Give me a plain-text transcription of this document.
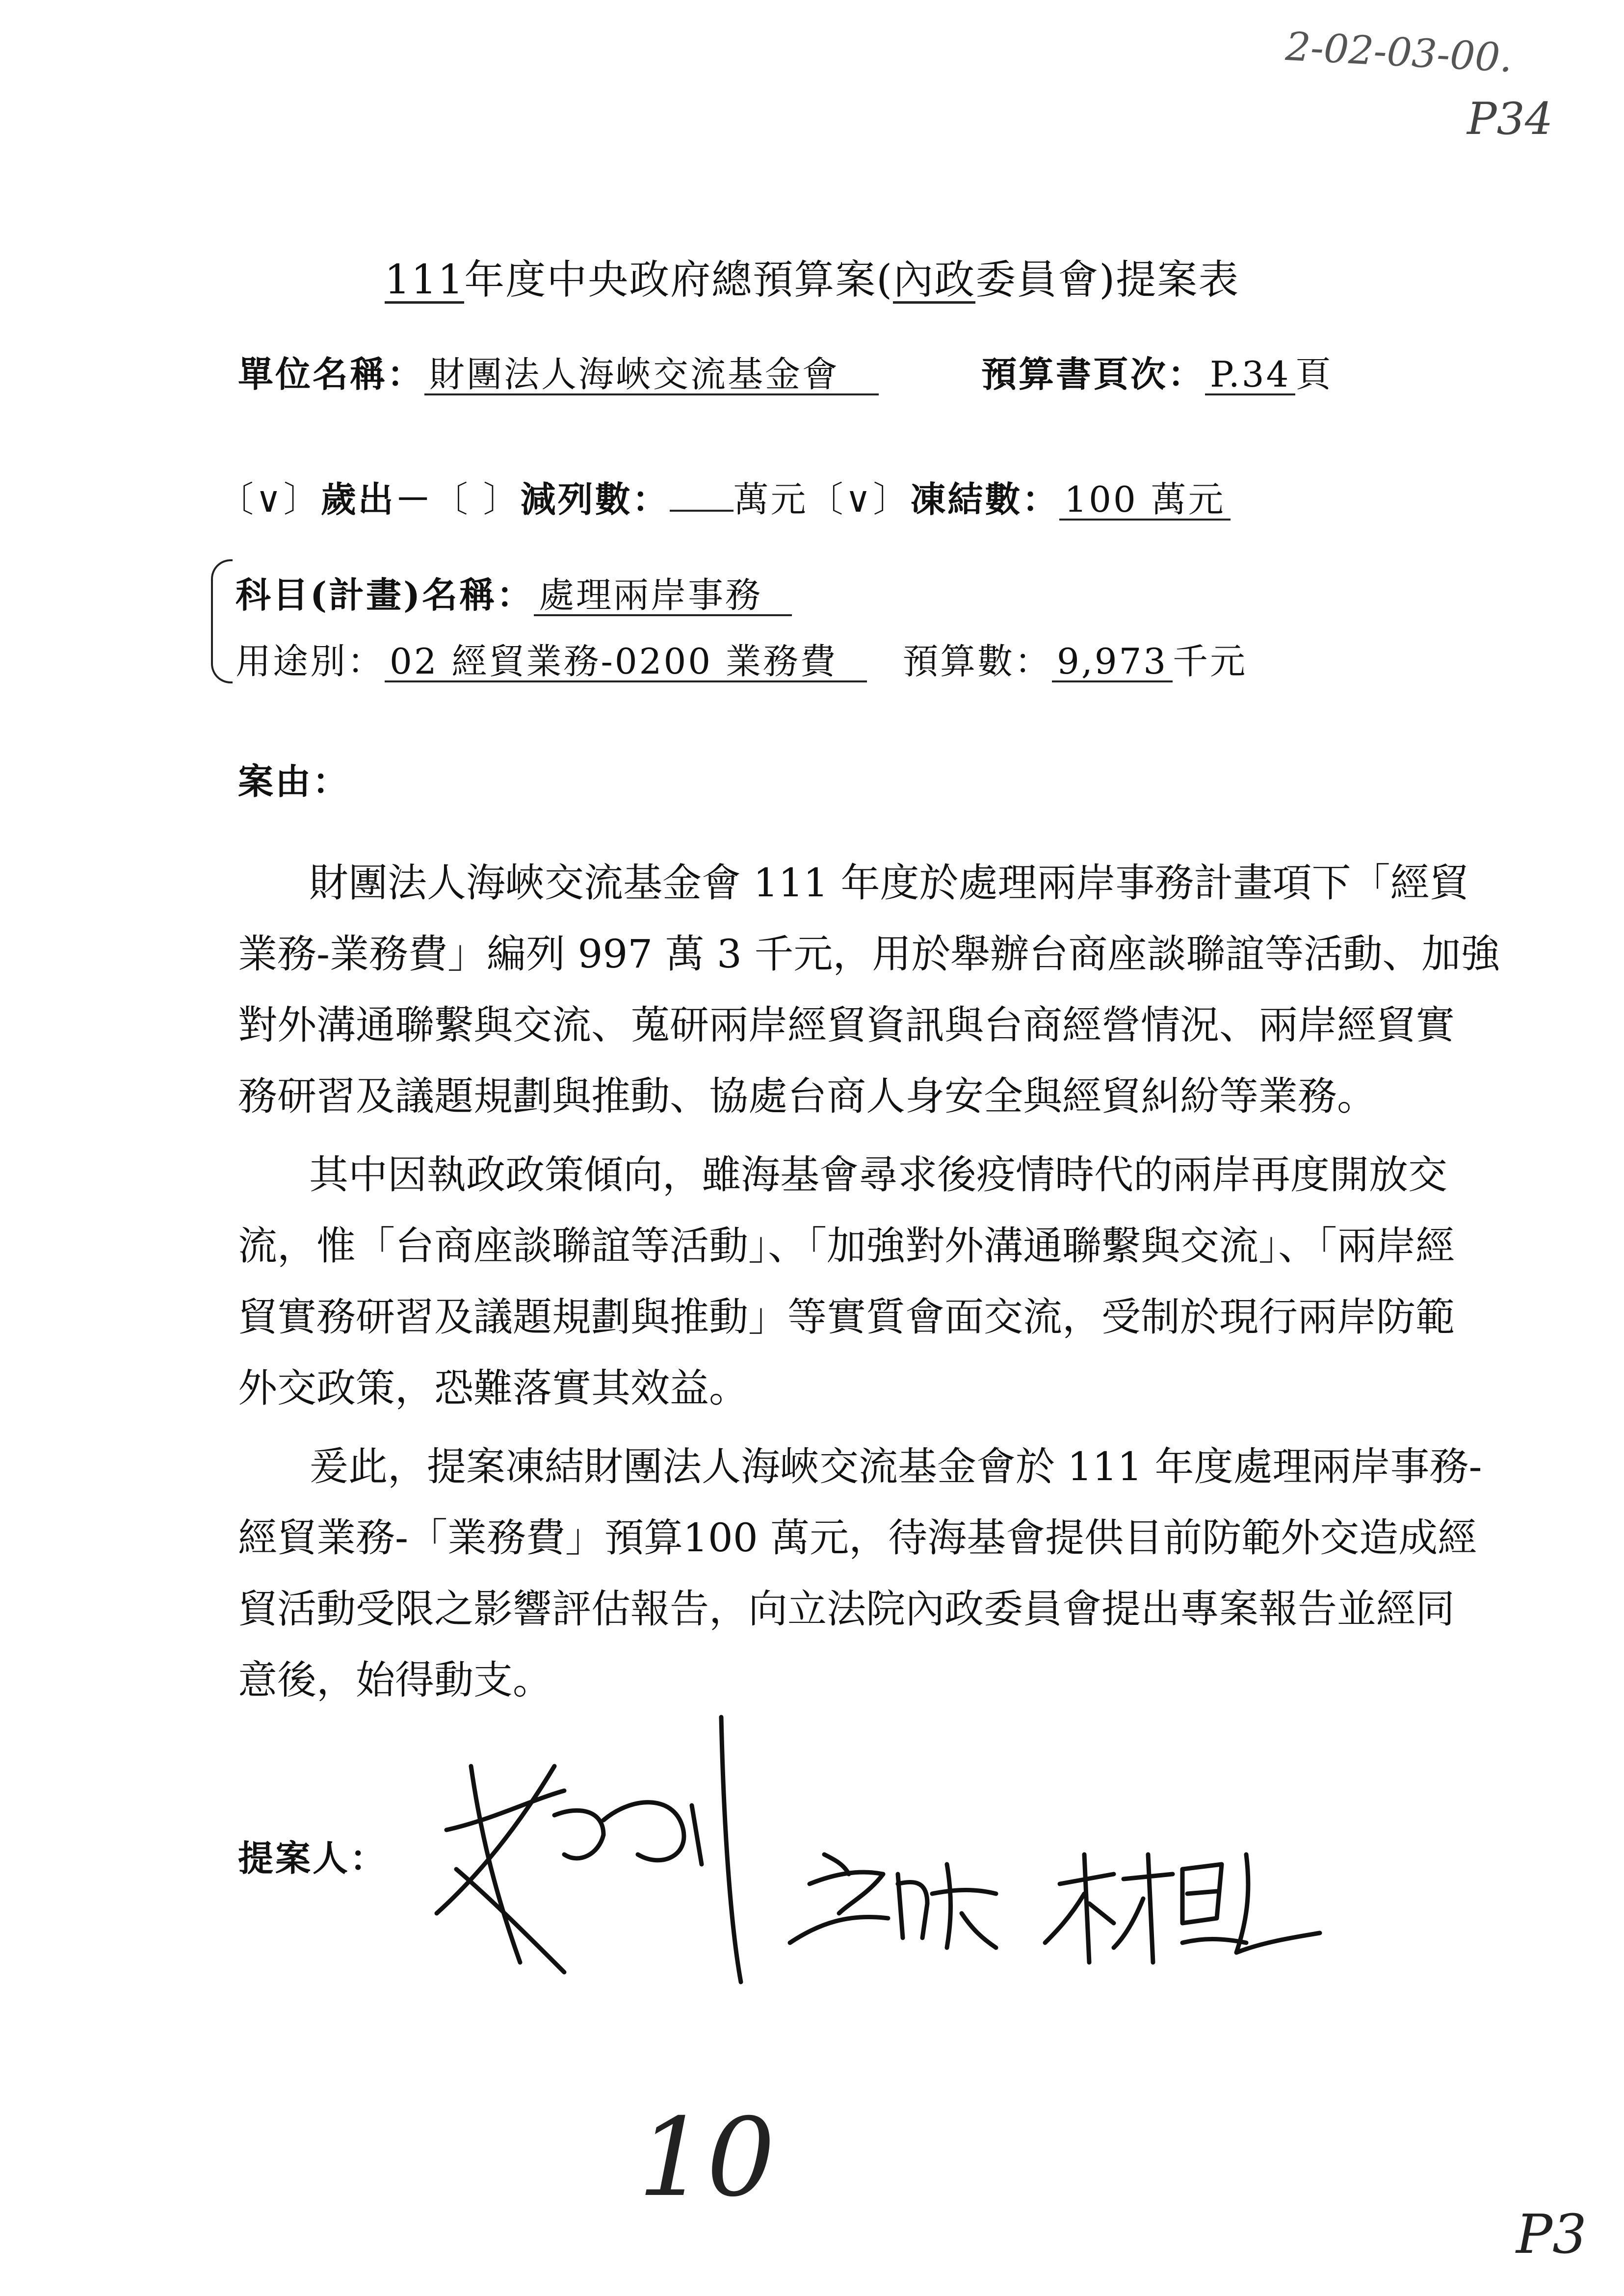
2-02-03-00.
P34
111年度中央政府總預算案(內政委員會)提案表
單位名稱： 財團法人海峽交流基金會	預算書頁次： P.34 頁
〔∨〕歲出－〔 〕減列數： 萬元〔∨〕凍結數： 100 萬元
科目(計畫)名稱： 處理兩岸事務
用途別： 02 經貿業務-0200 業務費	預算數： 9,973 千元
案由：
財團法人海峽交流基金會 111 年度於處理兩岸事務計畫項下「經貿
業務-業務費」編列 997 萬 3 千元，用於舉辦台商座談聯誼等活動、加強
對外溝通聯繫與交流、蒐研兩岸經貿資訊與台商經營情況、兩岸經貿實
務研習及議題規劃與推動、協處台商人身安全與經貿糾紛等業務。
其中因執政政策傾向，雖海基會尋求後疫情時代的兩岸再度開放交
流，惟「台商座談聯誼等活動」、「加強對外溝通聯繫與交流」、「兩岸經
貿實務研習及議題規劃與推動」等實質會面交流，受制於現行兩岸防範
外交政策，恐難落實其效益。
爰此，提案凍結財團法人海峽交流基金會於 111 年度處理兩岸事務-
經貿業務-「業務費」預算100 萬元，待海基會提供目前防範外交造成經
貿活動受限之影響評估報告，向立法院內政委員會提出專案報告並經同
意後，始得動支。
提案人：
10
P3
